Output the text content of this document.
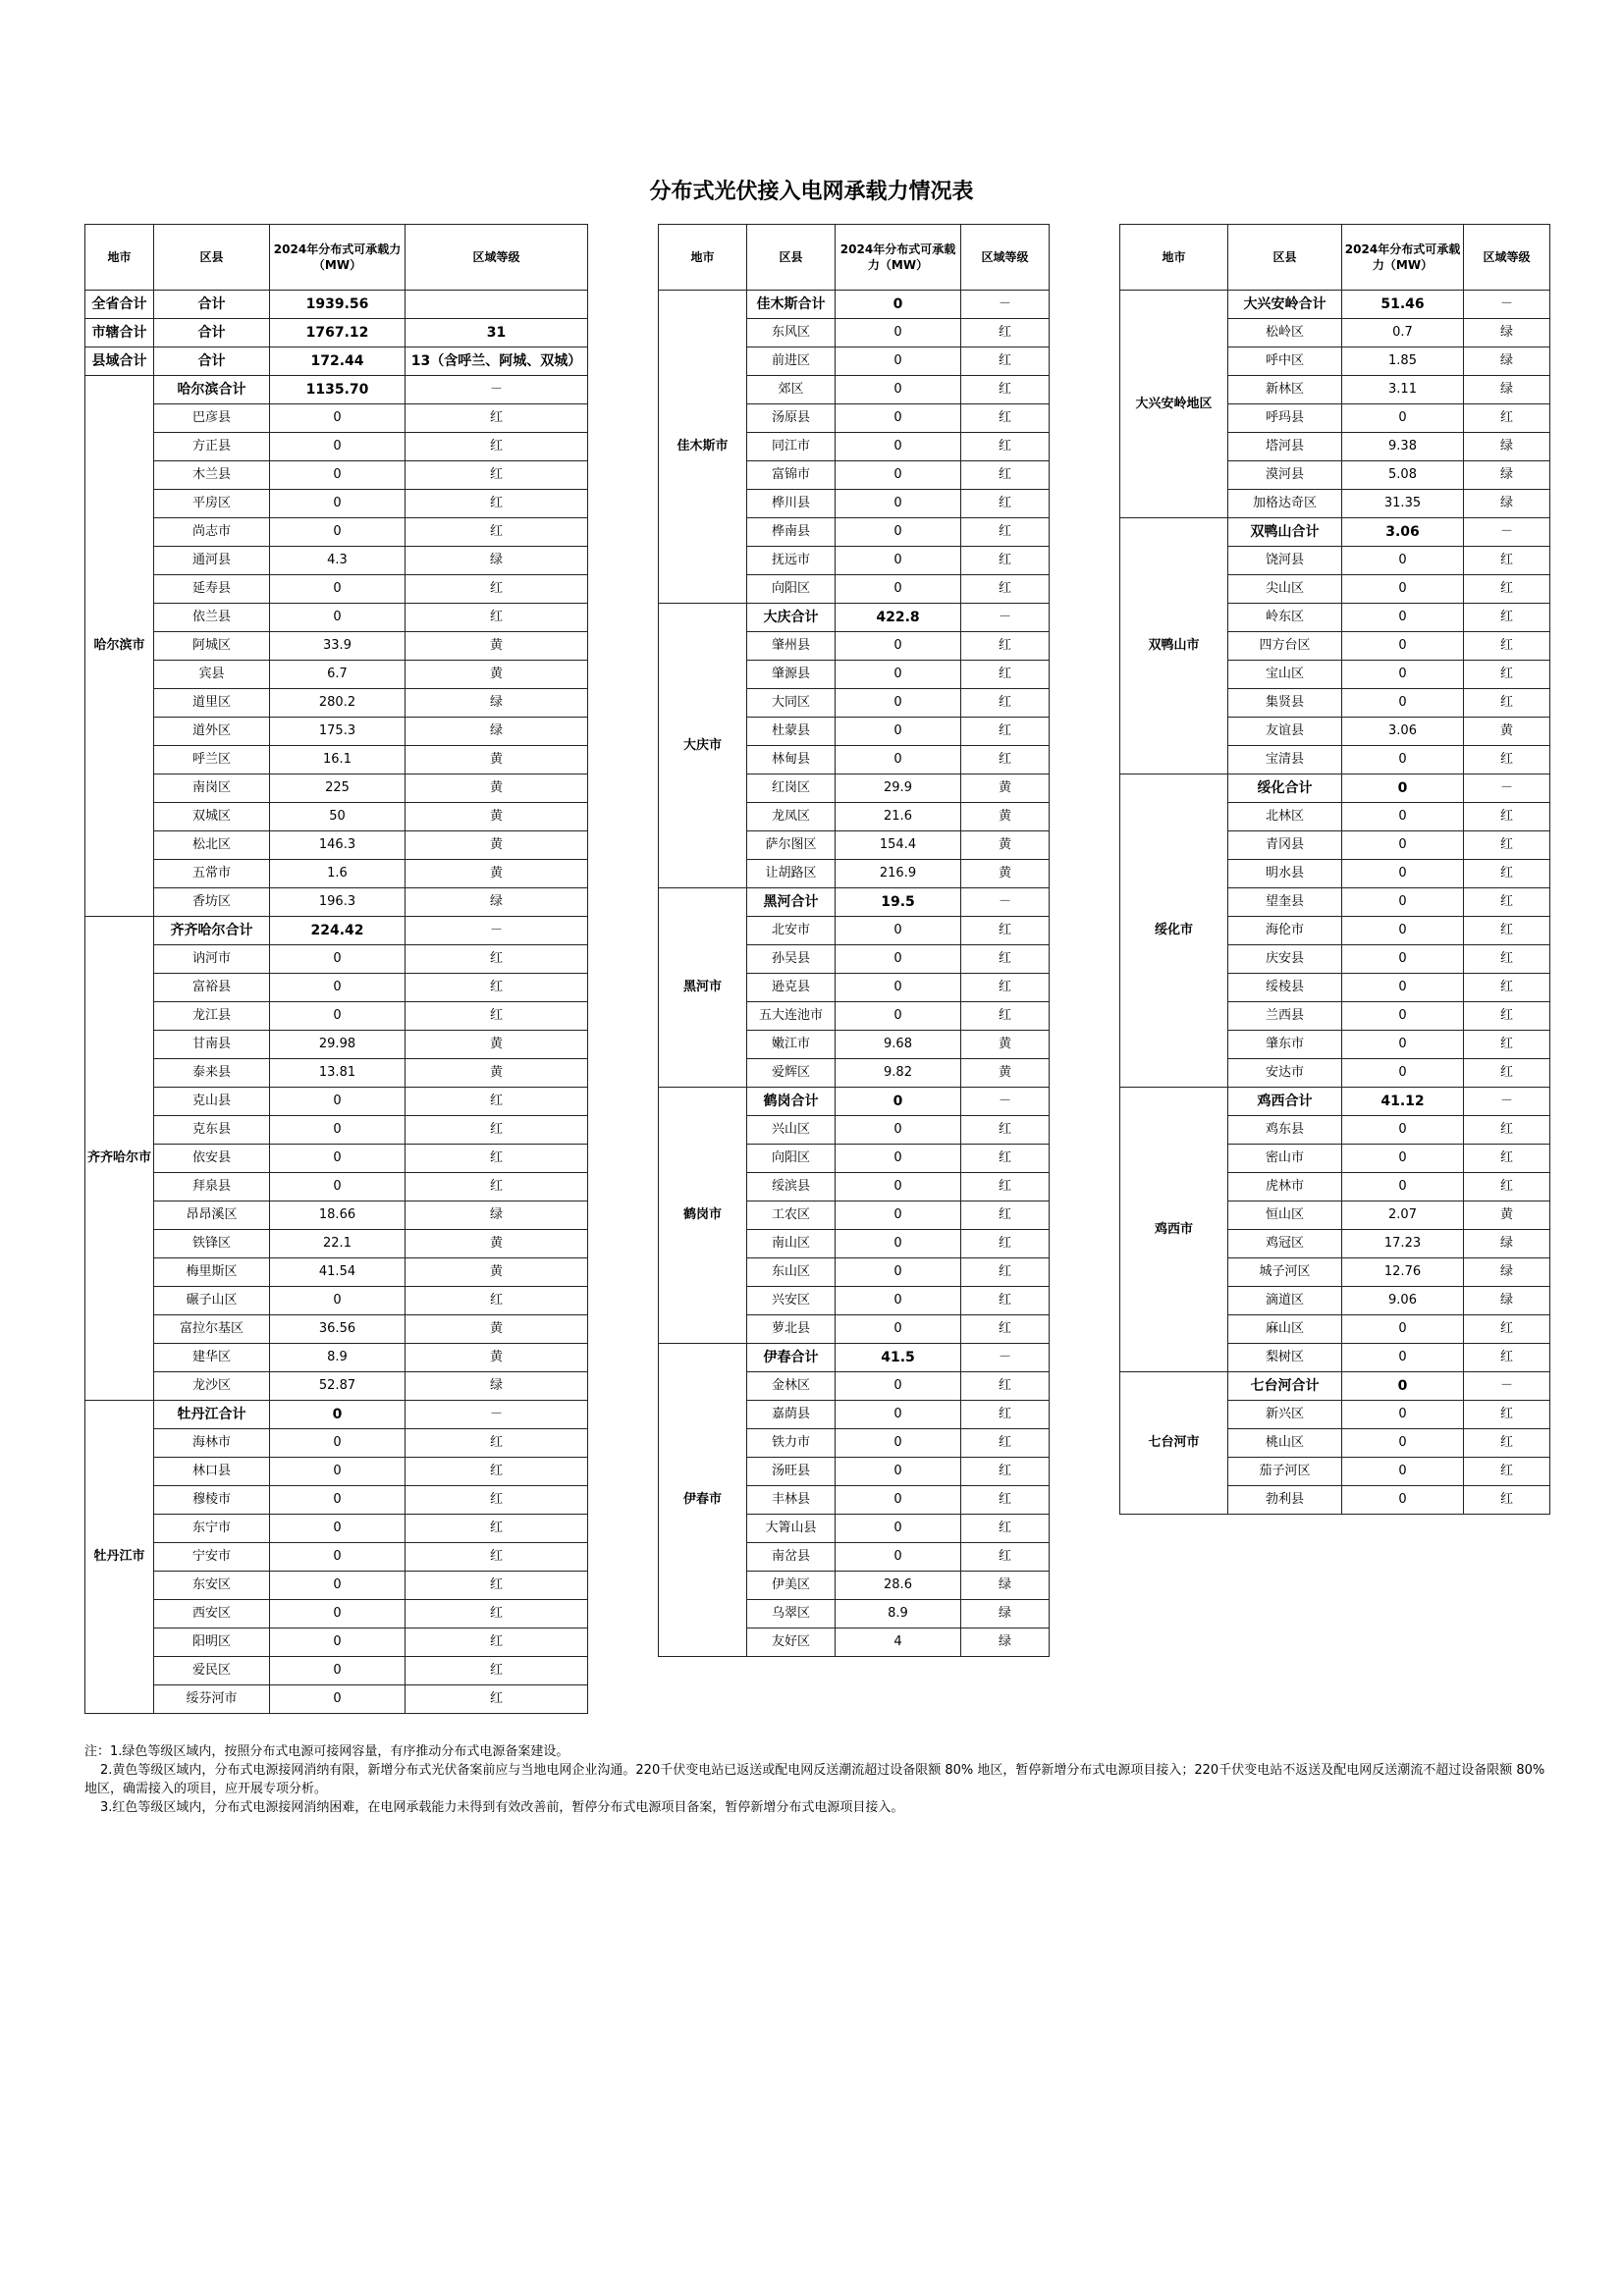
分布式光伏接入电网承载力情况表
地市	区县	2024年分布式可承载力（MW）	区域等级
全省合计	合计	1939.56	
市辖合计	合计	1767.12	31
县域合计	合计	172.44	13（含呼兰、阿城、双城）
哈尔滨市	哈尔滨合计	1135.70	－
	巴彦县	0	红
	方正县	0	红
	木兰县	0	红
	平房区	0	红
	尚志市	0	红
	通河县	4.3	绿
	延寿县	0	红
	依兰县	0	红
	阿城区	33.9	黄
	宾县	6.7	黄
	道里区	280.2	绿
	道外区	175.3	绿
	呼兰区	16.1	黄
	南岗区	225	黄
	双城区	50	黄
	松北区	146.3	黄
	五常市	1.6	黄
	香坊区	196.3	绿
齐齐哈尔市	齐齐哈尔合计	224.42	－
	讷河市	0	红
	富裕县	0	红
	龙江县	0	红
	甘南县	29.98	黄
	泰来县	13.81	黄
	克山县	0	红
	克东县	0	红
	依安县	0	红
	拜泉县	0	红
	昂昂溪区	18.66	绿
	铁锋区	22.1	黄
	梅里斯区	41.54	黄
	碾子山区	0	红
	富拉尔基区	36.56	黄
	建华区	8.9	黄
	龙沙区	52.87	绿
牡丹江市	牡丹江合计	0	－
	海林市	0	红
	林口县	0	红
	穆棱市	0	红
	东宁市	0	红
	宁安市	0	红
	东安区	0	红
	西安区	0	红
	阳明区	0	红
	爱民区	0	红
	绥芬河市	0	红
地市	区县	2024年分布式可承载力（MW）	区域等级
佳木斯市	佳木斯合计	0	－
	东风区	0	红
	前进区	0	红
	郊区	0	红
	汤原县	0	红
	同江市	0	红
	富锦市	0	红
	桦川县	0	红
	桦南县	0	红
	抚远市	0	红
	向阳区	0	红
大庆市	大庆合计	422.8	－
	肇州县	0	红
	肇源县	0	红
	大同区	0	红
	杜蒙县	0	红
	林甸县	0	红
	红岗区	29.9	黄
	龙凤区	21.6	黄
	萨尔图区	154.4	黄
	让胡路区	216.9	黄
黑河市	黑河合计	19.5	－
	北安市	0	红
	孙吴县	0	红
	逊克县	0	红
	五大连池市	0	红
	嫩江市	9.68	黄
	爱辉区	9.82	黄
鹤岗市	鹤岗合计	0	－
	兴山区	0	红
	向阳区	0	红
	绥滨县	0	红
	工农区	0	红
	南山区	0	红
	东山区	0	红
	兴安区	0	红
	萝北县	0	红
伊春市	伊春合计	41.5	－
	金林区	0	红
	嘉荫县	0	红
	铁力市	0	红
	汤旺县	0	红
	丰林县	0	红
	大箐山县	0	红
	南岔县	0	红
	伊美区	28.6	绿
	乌翠区	8.9	绿
	友好区	4	绿
地市	区县	2024年分布式可承载力（MW）	区域等级
大兴安岭地区	大兴安岭合计	51.46	－
	松岭区	0.7	绿
	呼中区	1.85	绿
	新林区	3.11	绿
	呼玛县	0	红
	塔河县	9.38	绿
	漠河县	5.08	绿
	加格达奇区	31.35	绿
双鸭山市	双鸭山合计	3.06	－
	饶河县	0	红
	尖山区	0	红
	岭东区	0	红
	四方台区	0	红
	宝山区	0	红
	集贤县	0	红
	友谊县	3.06	黄
	宝清县	0	红
绥化市	绥化合计	0	－
	北林区	0	红
	青冈县	0	红
	明水县	0	红
	望奎县	0	红
	海伦市	0	红
	庆安县	0	红
	绥棱县	0	红
	兰西县	0	红
	肇东市	0	红
	安达市	0	红
鸡西市	鸡西合计	41.12	－
	鸡东县	0	红
	密山市	0	红
	虎林市	0	红
	恒山区	2.07	黄
	鸡冠区	17.23	绿
	城子河区	12.76	绿
	滴道区	9.06	绿
	麻山区	0	红
	梨树区	0	红
七台河市	七台河合计	0	－
	新兴区	0	红
	桃山区	0	红
	茄子河区	0	红
	勃利县	0	红

注：1.绿色等级区域内，按照分布式电源可接网容量，有序推动分布式电源备案建设。

2.黄色等级区域内，分布式电源接网消纳有限，新增分布式光伏备案前应与当地电网企业沟通。220千伏变电站已返送或配电网反送潮流超过设备限额 80% 地区，暂停新增分布式电源项目接入；220千伏变电站不返送及配电网反送潮流不超过设备限额 80%地区，确需接入的项目，应开展专项分析。

3.红色等级区域内，分布式电源接网消纳困难，在电网承载能力未得到有效改善前，暂停分布式电源项目备案，暂停新增分布式电源项目接入。
